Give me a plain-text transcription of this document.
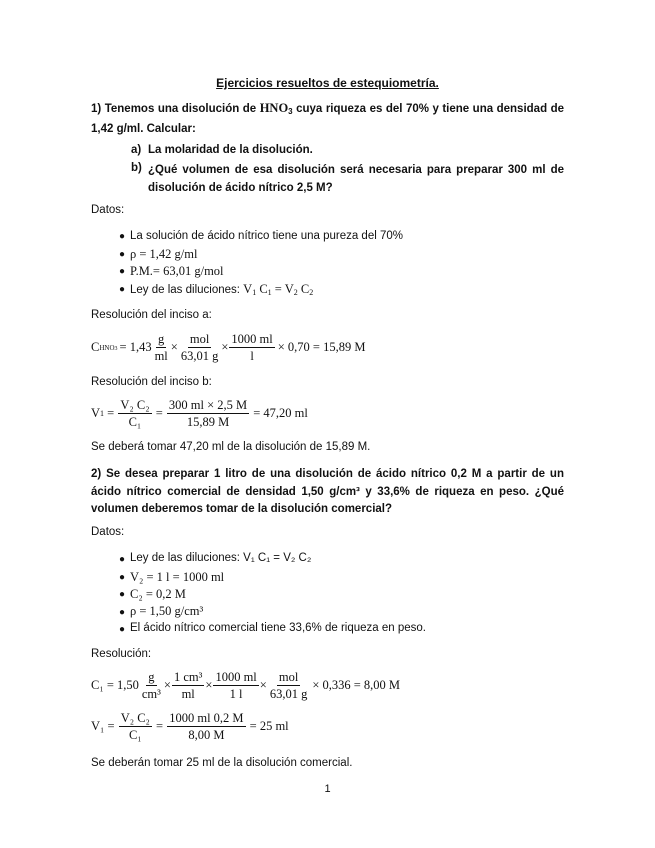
Ejercicios resueltos de estequiometría.
1) Tenemos una disolución de $HNO_3$ cuya riqueza es del 70% y tiene una densidad de 1,42 g/ml. Calcular:
a) La molaridad de la disolución.
b) ¿Qué volumen de esa disolución será necesaria para preparar 300 ml de disolución de ácido nítrico 2,5 M?
Datos:
● La solución de ácido nítrico tiene una pureza del 70%
● ρ = 1,42 g/ml
● P.M.= 63,01 g/mol
● Ley de las diluciones: $V_1$ $C_1 = V_2$ $C_2$
Resolución del inciso a:
C $HNO3 = 1,43 \frac{g}{ml} \times \frac{\text{mol}}{63,01 g} \times \frac{1000 ml}{l} \times 0,70 = 15,89$ M
Resolución del inciso b:
V $1 = \frac{\text{V₂ C₂}}{\text{C₁}} = \frac{300 ml \times 2,5 M}{15,89 M} = 47,20$ ml
Se deberá tomar 47,20 ml de la disolución de 15,89 M.
2) Se desea preparar 1 litro de una disolución de ácido nítrico 0,2 M a partir de un ácido nítrico comercial de densidad 1,50 g/cm³ y 33,6% de riqueza en peso. ¿Qué volumen deberemos tomar de la disolución comercial?
Datos:
● Ley de las diluciones: V₁ C₁ = V₂ C₂
● V₂ = 1 l = 1000 ml
● C₂ = 0,2 M
● ρ = 1,50 g/cm³
● El ácido nítrico comercial tiene 33,6% de riqueza en peso.
Resolución:
$C_1 = 1,50 \frac{g}{\text{cm³}} \times \frac{\text{1 cm³}}{ml} \times \frac{1000 ml}{1 l} \times \frac{\text{mol}}{63,01 g} \times 0,336 = 8,00$ M
$V_1 = \frac{\text{V₂ C₂}}{\text{C₁}} = \frac{1000 ml 0,2 M}{8,00 M} = 25$ ml
Se deberán tomar 25 ml de la disolución comercial.
1
